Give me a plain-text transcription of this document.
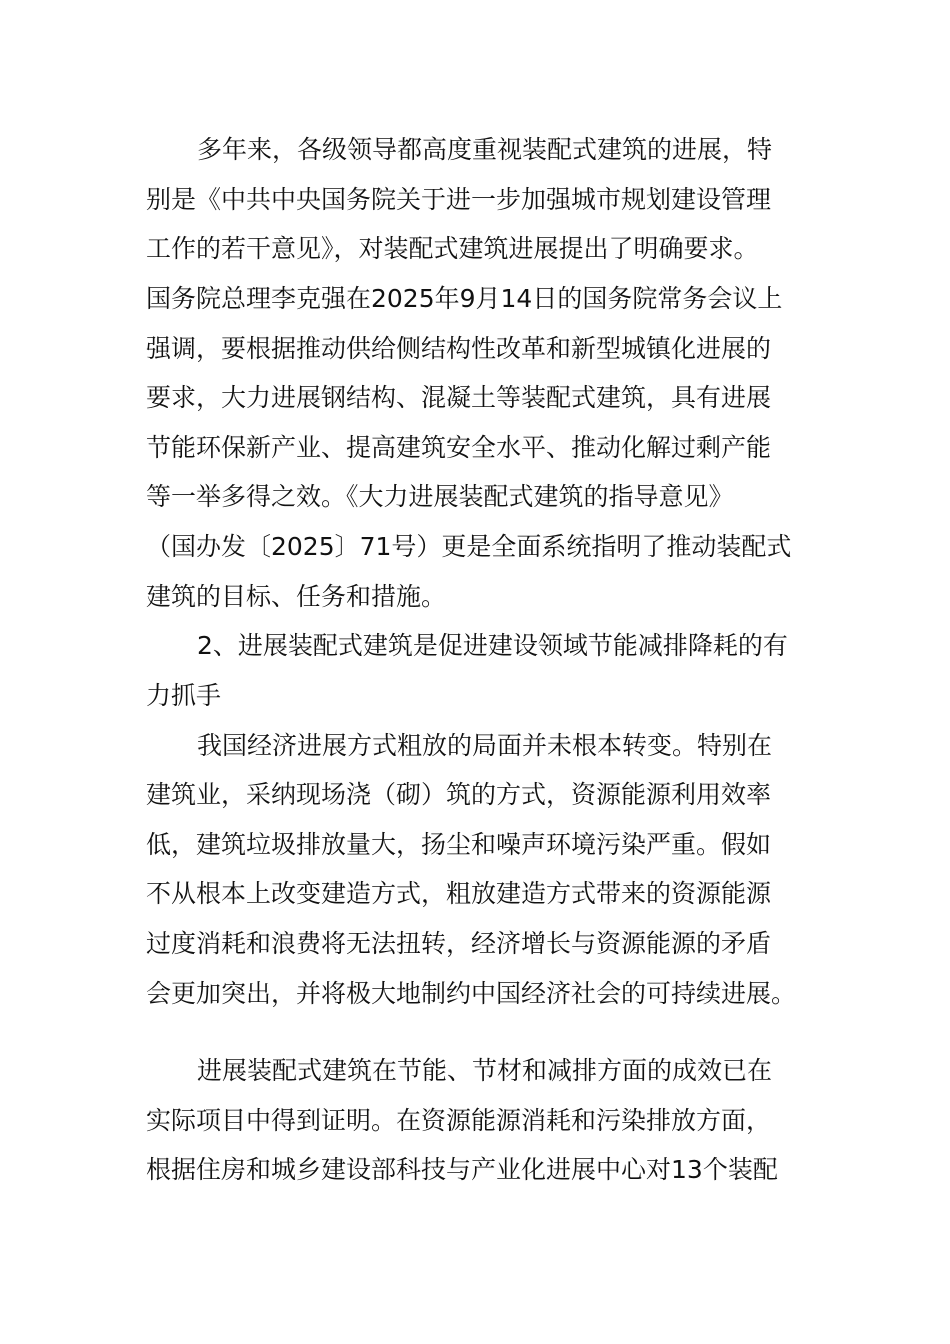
多年来，各级领导都高度重视装配式建筑的进展，特
别是《中共中央国务院关于进一步加强城市规划建设管理
工作的若干意见》，对装配式建筑进展提出了明确要求。
国务院总理李克强在2025年9月14日的国务院常务会议上
强调，要根据推动供给侧结构性改革和新型城镇化进展的
要求，大力进展钢结构、混凝土等装配式建筑，具有进展
节能环保新产业、提高建筑安全水平、推动化解过剩产能
等一举多得之效。《大力进展装配式建筑的指导意见》
（国办发〔2025〕71号）更是全面系统指明了推动装配式
建筑的目标、任务和措施。
2、进展装配式建筑是促进建设领域节能减排降耗的有
力抓手
我国经济进展方式粗放的局面并未根本转变。特别在
建筑业，采纳现场浇（砌）筑的方式，资源能源利用效率
低，建筑垃圾排放量大，扬尘和噪声环境污染严重。假如
不从根本上改变建造方式，粗放建造方式带来的资源能源
过度消耗和浪费将无法扭转，经济增长与资源能源的矛盾
会更加突出，并将极大地制约中国经济社会的可持续进展。
进展装配式建筑在节能、节材和减排方面的成效已在
实际项目中得到证明。在资源能源消耗和污染排放方面，
根据住房和城乡建设部科技与产业化进展中心对13个装配
